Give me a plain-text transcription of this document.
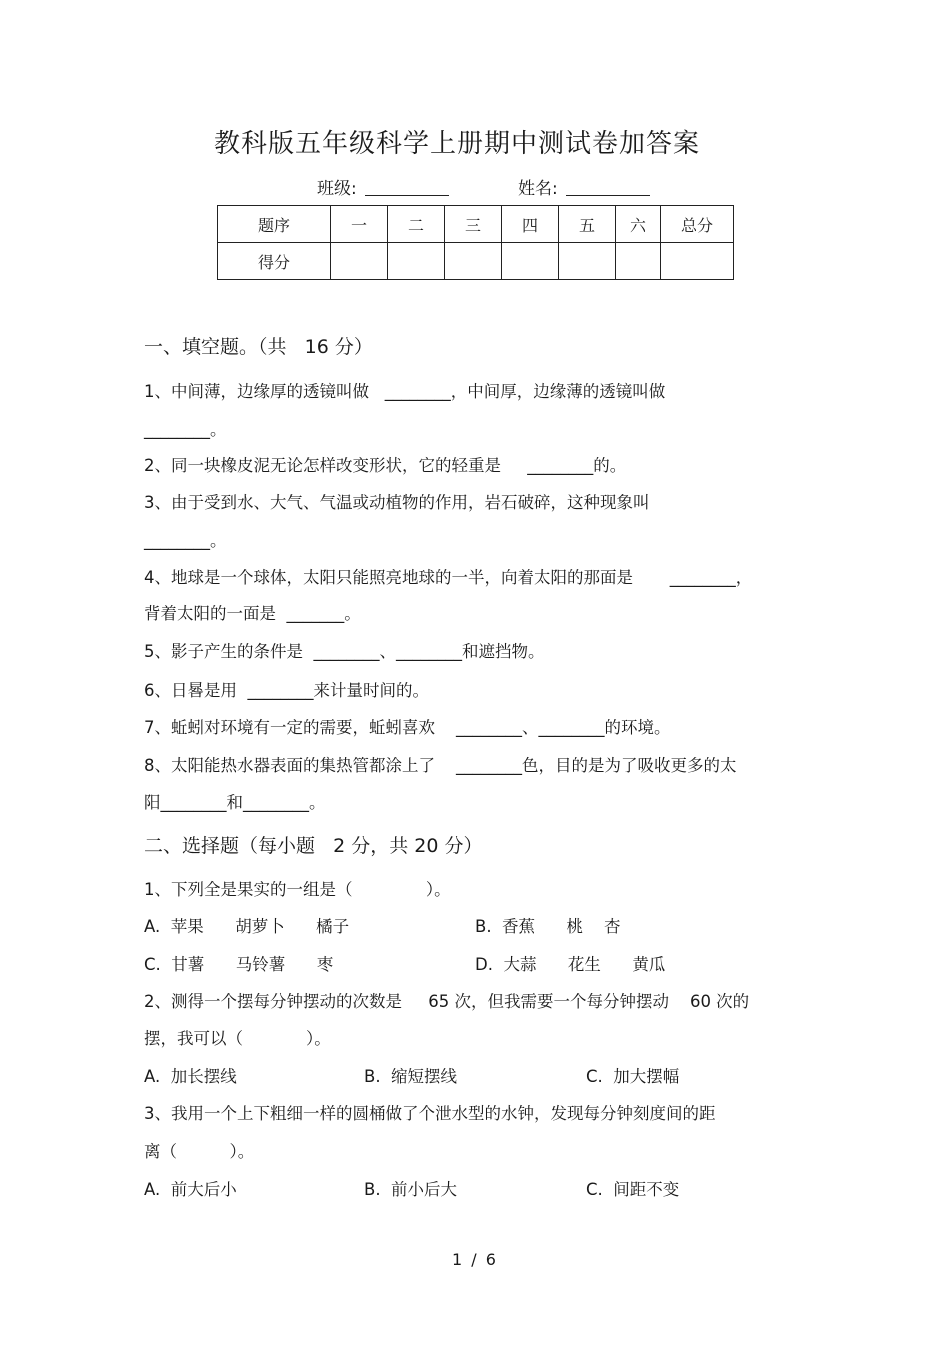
教科版五年级科学上册期中测试卷加答案
班级:	姓名:
题序	一	二	三	四	五	六	总分
得分							
一、填空题。（共   16 分）
1、中间薄，边缘厚的透镜叫做   ________，中间厚，边缘薄的透镜叫做
________。
2、同一块橡皮泥无论怎样改变形状，它的轻重是     ________的。
3、由于受到水、大气、气温或动植物的作用，岩石破碎，这种现象叫
________。
4、地球是一个球体，太阳只能照亮地球的一半，向着太阳的那面是       ________，
背着太阳的一面是  _______。
5、影子产生的条件是  ________、________和遮挡物。
6、日晷是用  ________来计量时间的。
7、蚯蚓对环境有一定的需要，蚯蚓喜欢    ________、________的环境。
8、太阳能热水器表面的集热管都涂上了    ________色，目的是为了吸收更多的太
阳________和________。
二、选择题（每小题   2 分，共 20 分）
1、下列全是果实的一组是（              ）。
A.  苹果      胡萝卜      橘子	B.  香蕉      桃    杏
C.  甘薯      马铃薯      枣	D.  大蒜      花生      黄瓜
2、测得一个摆每分钟摆动的次数是     65 次，但我需要一个每分钟摆动    60 次的
摆，我可以（            ）。
A.  加长摆线	B.  缩短摆线	C.  加大摆幅
3、我用一个上下粗细一样的圆桶做了个泄水型的水钟，发现每分钟刻度间的距
离（          ）。
A.  前大后小	B.  前小后大	C.  间距不变
1 / 6
